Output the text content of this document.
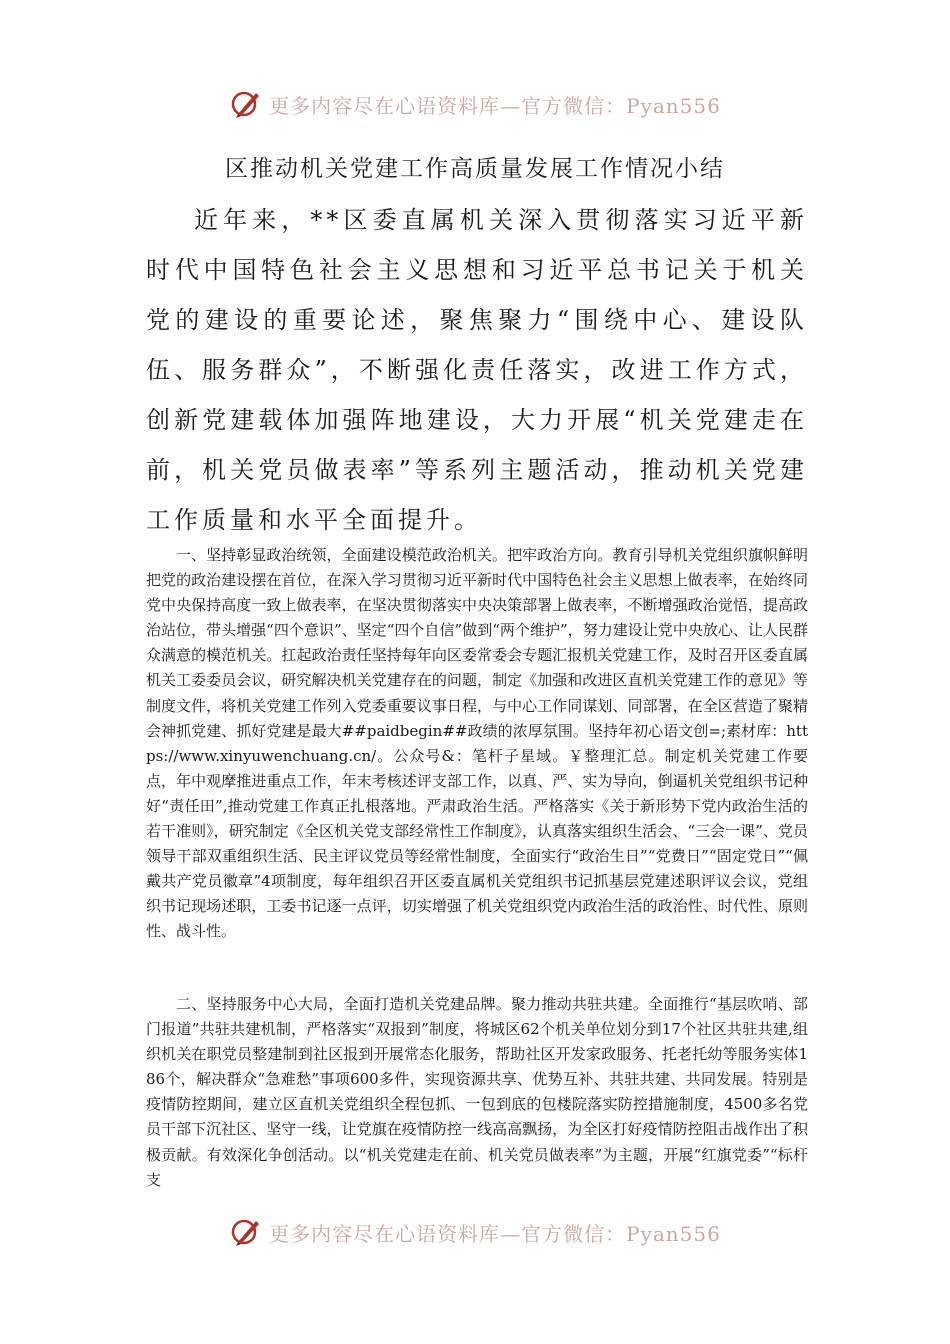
更多内容尽在心语资料库—官方微信：Pyan556
区推动机关党建工作高质量发展工作情况小结

近年来，**区委直属机关深入贯彻落实习近平新时代中国特色社会主义思想和习近平总书记关于机关党的建设的重要论述，聚焦聚力“围绕中心、建设队伍、服务群众”，不断强化责任落实，改进工作方式，创新党建载体加强阵地建设，大力开展“机关党建走在前，机关党员做表率”等系列主题活动，推动机关党建工作质量和水平全面提升。

一、坚持彰显政治统领，全面建设模范政治机关。把牢政治方向。教育引导机关党组织旗帜鲜明把党的政治建设摆在首位，在深入学习贯彻习近平新时代中国特色社会主义思想上做表率，在始终同党中央保持高度一致上做表率，在坚决贯彻落实中央决策部署上做表率，不断增强政治觉悟，提高政治站位，带头增强“四个意识”、坚定“四个自信”做到“两个维护”，努力建设让党中央放心、让人民群众满意的模范机关。扛起政治责任坚持每年向区委常委会专题汇报机关党建工作，及时召开区委直属机关工委委员会议，研究解决机关党建存在的问题，制定《加强和改进区直机关党建工作的意见》等制度文件，将机关党建工作列入党委重要议事日程，与中心工作同谋划、同部署，在全区营造了聚精会神抓党建、抓好党建是最大##paidbegin##政绩的浓厚氛围。坚持年初心语文创=;素材库：https://www.xinyuwenchuang.cn/。公众号&：笔杆子星域。￥整理汇总。制定机关党建工作要点，年中观摩推进重点工作，年末考核述评支部工作，以真、严、实为导向，倒逼机关党组织书记种好“责任田”,推动党建工作真正扎根落地。严肃政治生活。严格落实《关于新形势下党内政治生活的若干准则》，研究制定《全区机关党支部经常性工作制度》，认真落实组织生活会、“三会一课”、党员领导干部双重组织生活、民主评议党员等经常性制度，全面实行“政治生日”“党费日”“固定党日”“佩戴共产党员徽章”4项制度，每年组织召开区委直属机关党组织书记抓基层党建述职评议会议，党组织书记现场述职，工委书记逐一点评，切实增强了机关党组织党内政治生活的政治性、时代性、原则性、战斗性。

二、坚持服务中心大局，全面打造机关党建品牌。聚力推动共驻共建。全面推行“基层吹哨、部门报道”共驻共建机制，严格落实“双报到”制度，将城区62个机关单位划分到17个社区共驻共建,组织机关在职党员整建制到社区报到开展常态化服务，帮助社区开发家政服务、托老托幼等服务实体186个，解决群众“急难愁”事项600多件，实现资源共享、优势互补、共驻共建、共同发展。特别是疫情防控期间，建立区直机关党组织全程包抓、一包到底的包楼院落实防控措施制度，4500多名党员干部下沉社区、坚守一线，让党旗在疫情防控一线高高飘扬，为全区打好疫情防控阻击战作出了积极贡献。有效深化争创活动。以“机关党建走在前、机关党员做表率”为主题，开展“红旗党委”“标杆支

更多内容尽在心语资料库—官方微信：Pyan556
